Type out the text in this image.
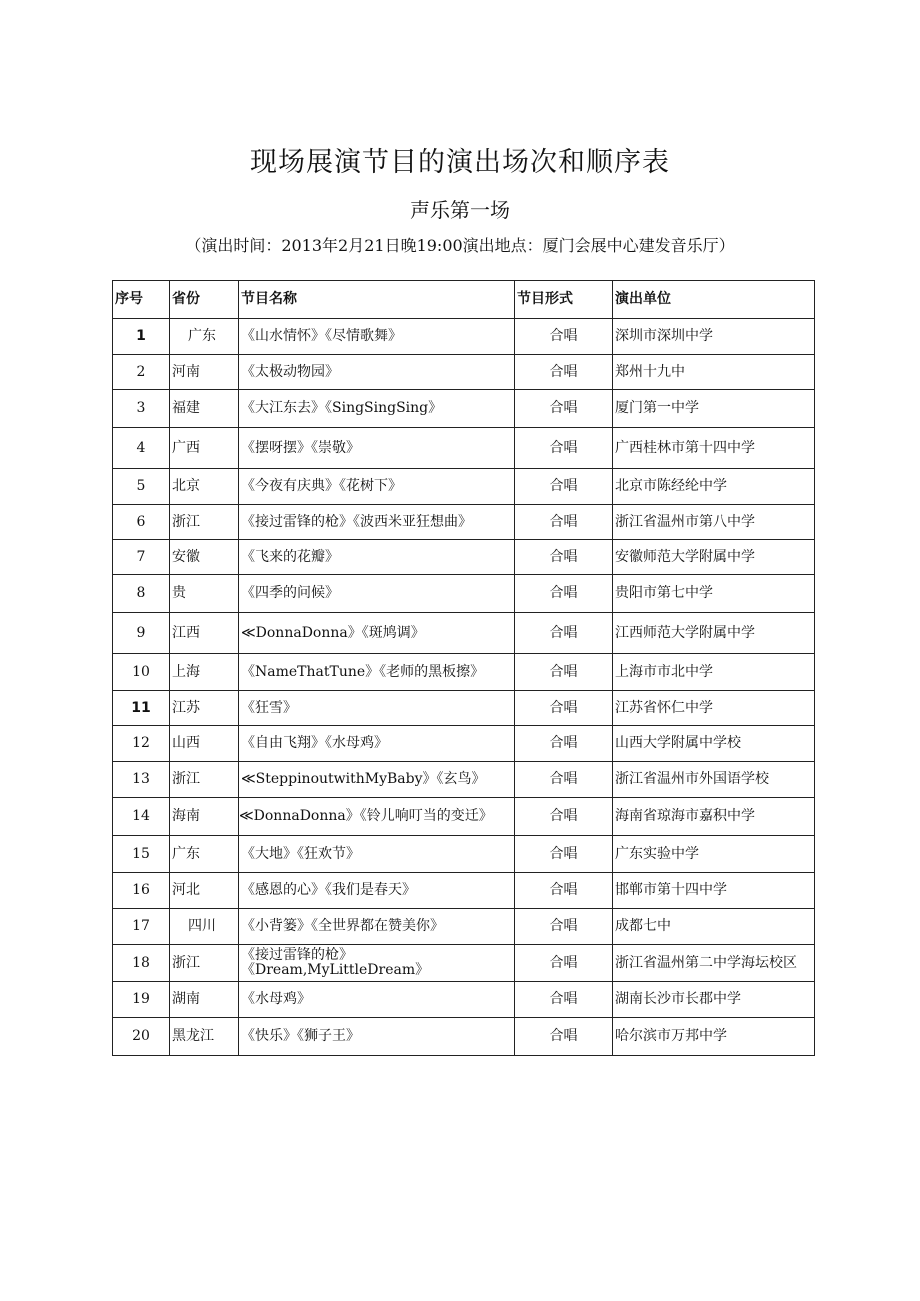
现场展演节目的演出场次和顺序表
声乐第一场
（演出时间：2013年2月21日晚19:00演出地点：厦门会展中心建发音乐厅）
序号	省份	节目名称	节目形式	演出单位
1	广东	《山水情怀》《尽情歌舞》	合唱	深圳市深圳中学
2	河南	《太极动物园》	合唱	郑州十九中
3	福建	《大江东去》《SingSingSing》	合唱	厦门第一中学
4	广西	《摆呀摆》《崇敬》	合唱	广西桂林市第十四中学
5	北京	《今夜有庆典》《花树下》	合唱	北京市陈经纶中学
6	浙江	《接过雷锋的枪》《波西米亚狂想曲》	合唱	浙江省温州市第八中学
7	安徽	《飞来的花瓣》	合唱	安徽师范大学附属中学
8	贵	《四季的问候》	合唱	贵阳市第七中学
9	江西	≪DonnaDonna》《斑鸠调》	合唱	江西师范大学附属中学
10	上海	《NameThatTune》《老师的黑板擦》	合唱	上海市市北中学
11	江苏	《狂雪》	合唱	江苏省怀仁中学
12	山西	《自由飞翔》《水母鸡》	合唱	山西大学附属中学校
13	浙江	≪SteppinoutwithMyBaby》《玄鸟》	合唱	浙江省温州市外国语学校
14	海南	≪DonnaDonna》《铃儿响叮当的变迁》	合唱	海南省琼海市嘉积中学
15	广东	《大地》《狂欢节》	合唱	广东实验中学
16	河北	《感恩的心》《我们是春天》	合唱	邯郸市第十四中学
17	四川	《小背篓》《全世界都在赞美你》	合唱	成都七中
18	浙江	《接过雷锋的枪》《Dream,MyLittleDream》	合唱	浙江省温州第二中学海坛校区
19	湖南	《水母鸡》	合唱	湖南长沙市长郡中学
20	黑龙江	《快乐》《狮子王》	合唱	哈尔滨市万邦中学
